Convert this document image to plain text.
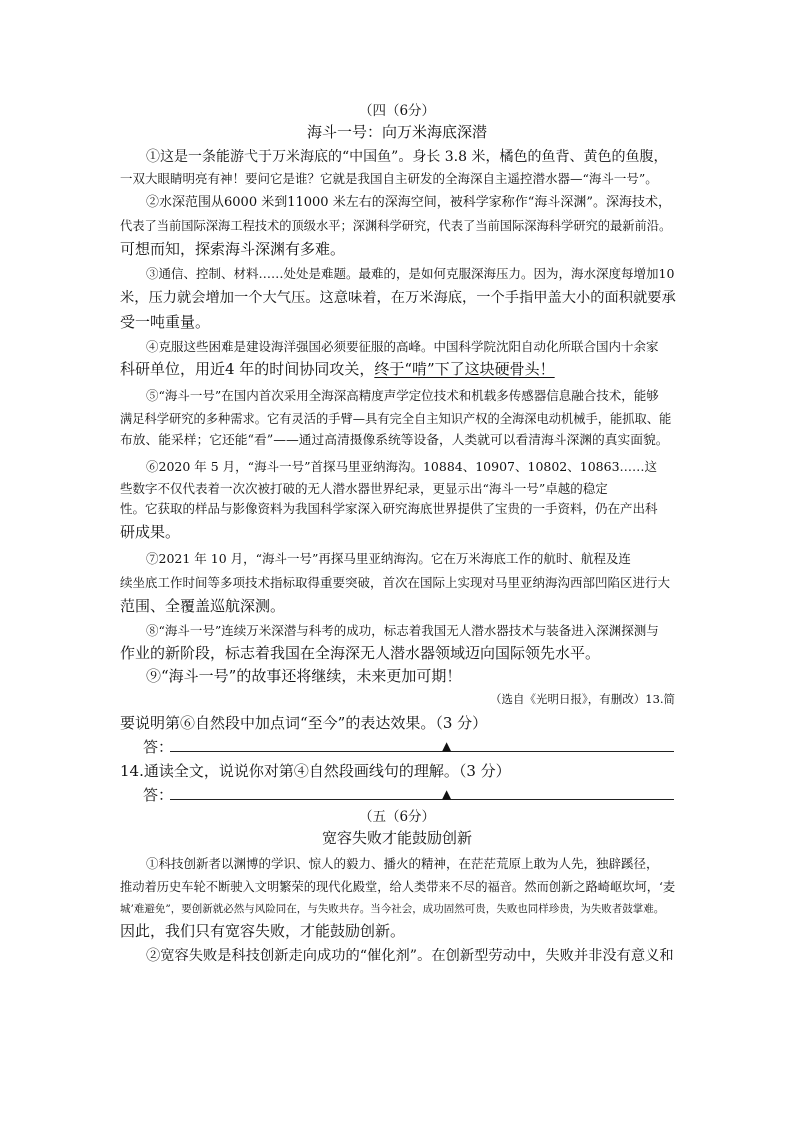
（四（6分）
海斗一号：向万米海底深潜
①这是一条能游弋于万米海底的“中国鱼”。身长 3.8 米，橘色的鱼背、黄色的鱼腹，
一双大眼睛明亮有神！要问它是谁？它就是我国自主研发的全海深自主遥控潜水器—“海斗一号”。
②水深范围从6000 米到11000 米左右的深海空间，被科学家称作“海斗深渊”。深海技术，
代表了当前国际深海工程技术的顶级水平；深渊科学研究，代表了当前国际深海科学研究的最新前沿。
可想而知，探索海斗深渊有多难。
③通信、控制、材料……处处是难题。最难的，是如何克服深海压力。因为，海水深度每增加10
米，压力就会增加一个大气压。这意味着，在万米海底，一个手指甲盖大小的面积就要承
受一吨重量。
④克服这些困难是建设海洋强国必须要征服的高峰。中国科学院沈阳自动化所联合国内十余家
科研单位，用近4 年的时间协同攻关，终于“啃”下了这块硬骨头！
⑤“海斗一号”在国内首次采用全海深高精度声学定位技术和机载多传感器信息融合技术，能够
满足科学研究的多种需求。它有灵活的手臂—具有完全自主知识产权的全海深电动机械手，能抓取、能
布放、能采样；它还能“看”——通过高清摄像系统等设备，人类就可以看清海斗深渊的真实面貌。
⑥2020 年 5 月，“海斗一号”首探马里亚纳海沟。10884、10907、10802、10863……这
些数字不仅代表着一次次被打破的无人潜水器世界纪录，更显示出“海斗一号”卓越的稳定
性。它获取的样品与影像资料为我国科学家深入研究海底世界提供了宝贵的一手资料，仍在产出科
研成果。
⑦2021 年 10 月，“海斗一号”再探马里亚纳海沟。它在万米海底工作的航时、航程及连
续坐底工作时间等多项技术指标取得重要突破，首次在国际上实现对马里亚纳海沟西部凹陷区进行大
范围、全覆盖巡航深测。
⑧“海斗一号”连续万米深潜与科考的成功，标志着我国无人潜水器技术与装备进入深渊探测与
作业的新阶段，标志着我国在全海深无人潜水器领域迈向国际领先水平。
⑨“海斗一号”的故事还将继续，未来更加可期！
（选自《光明日报》，有删改）13.简
要说明第⑥自然段中加点词“至今”的表达效果。（3 分）
答：	▲
14.通读全文，说说你对第④自然段画线句的理解。（3 分）
答：	▲
（五（6分）
宽容失败才能鼓励创新
①科技创新者以渊博的学识、惊人的毅力、播火的精神，在茫茫荒原上敢为人先，独辟蹊径，
推动着历史车轮不断驶入文明繁荣的现代化殿堂，给人类带来不尽的福音。然而创新之路崎岖坎坷，‘麦
城’难避免”，要创新就必然与风险同在，与失败共存。当今社会，成功固然可贵，失败也同样珍贵，为失败者鼓掌难。
因此，我们只有宽容失败，才能鼓励创新。
②宽容失败是科技创新走向成功的“催化剂”。在创新型劳动中，失败并非没有意义和
